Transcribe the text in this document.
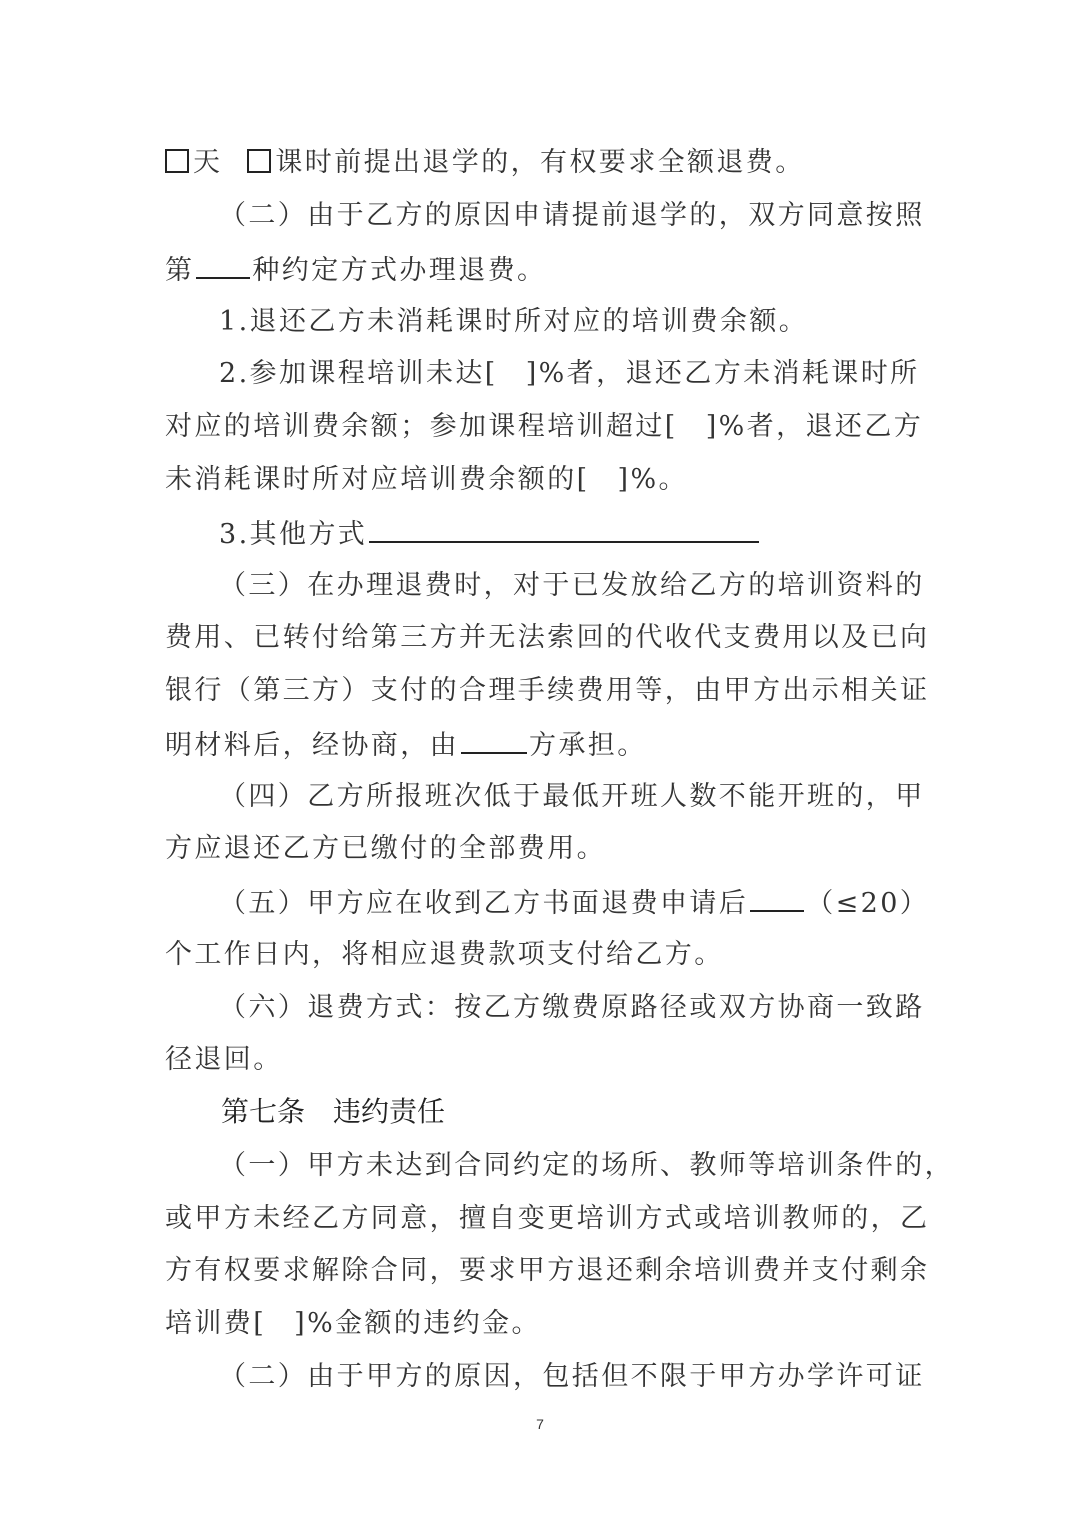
天 课时前提出退学的，有权要求全额退费。
（二）由于乙方的原因申请提前退学的，双方同意按照
第 种约定方式办理退费。
1.退还乙方未消耗课时所对应的培训费余额。
2.参加课程培训未达[ ]%者，退还乙方未消耗课时所
对应的培训费余额；参加课程培训超过[ ]%者，退还乙方
未消耗课时所对应培训费余额的[ ]%。
3.其他方式
（三）在办理退费时，对于已发放给乙方的培训资料的
费用、已转付给第三方并无法索回的代收代支费用以及已向
银行（第三方）支付的合理手续费用等，由甲方出示相关证
明材料后，经协商，由	方承担。
（四）乙方所报班次低于最低开班人数不能开班的，甲
方应退还乙方已缴付的全部费用。
（五）甲方应在收到乙方书面退费申请后 （≤20）
个工作日内，将相应退费款项支付给乙方。
（六）退费方式：按乙方缴费原路径或双方协商一致路
径退回。
第七条 违约责任
（一）甲方未达到合同约定的场所、教师等培训条件的，
或甲方未经乙方同意，擅自变更培训方式或培训教师的，乙
方有权要求解除合同，要求甲方退还剩余培训费并支付剩余
培训费[ ]%金额的违约金。
（二）由于甲方的原因，包括但不限于甲方办学许可证
7
